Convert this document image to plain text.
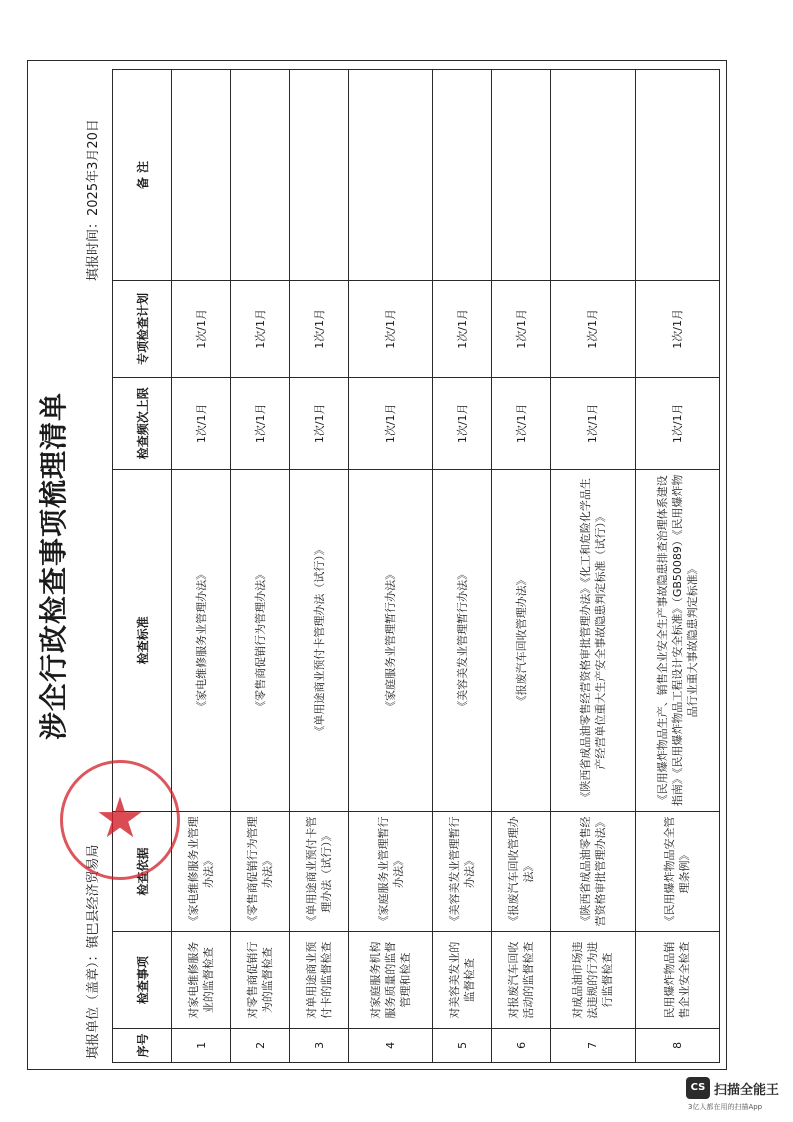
涉企行政检查事项梳理清单
填报单位（盖章）：镇巴县经济贸易局
填报时间：2025年3月20日
序号	检查事项	检查依据	检查标准	检查频次上限	专项检查计划	备 注
1	对家电维修服务业的监督检查	《家电维修服务业管理办法》	《家电维修服务业管理办法》	1次/1月	1次/1月	
2	对零售商促销行为的监督检查	《零售商促销行为管理办法》	《零售商促销行为管理办法》	1次/1月	1次/1月	
3	对单用途商业预付卡的监督检查	《单用途商业预付卡管理办法（试行）》	《单用途商业预付卡管理办法（试行）》	1次/1月	1次/1月	
4	对家庭服务机构服务质量的监督管理和检查	《家庭服务业管理暂行办法》	《家庭服务业管理暂行办法》	1次/1月	1次/1月	
5	对美容美发业的监督检查	《美容美发业管理暂行办法》	《美容美发业管理暂行办法》	1次/1月	1次/1月	
6	对报废汽车回收活动的监督检查	《报废汽车回收管理办法》	《报废汽车回收管理办法》	1次/1月	1次/1月	
7	对成品油市场违法违规的行为进行监督检查	《陕西省成品油零售经营资格审批管理办法》	《陕西省成品油零售经营资格审批管理办法》《化工和危险化学品生产经营单位重大生产安全事故隐患判定标准（试行）》	1次/1月	1次/1月	
8	民用爆炸物品销售企业安全检查	《民用爆炸物品安全管理条例》	《民用爆炸物品生产、销售企业安全生产事故隐患排查治理体系建设指南》《民用爆炸物品工程设计安全标准》（GB50089）《民用爆炸物品行业重大事故隐患判定标准》	1次/1月	1次/1月	
★
CS 扫描全能王
3亿人都在用的扫描App
